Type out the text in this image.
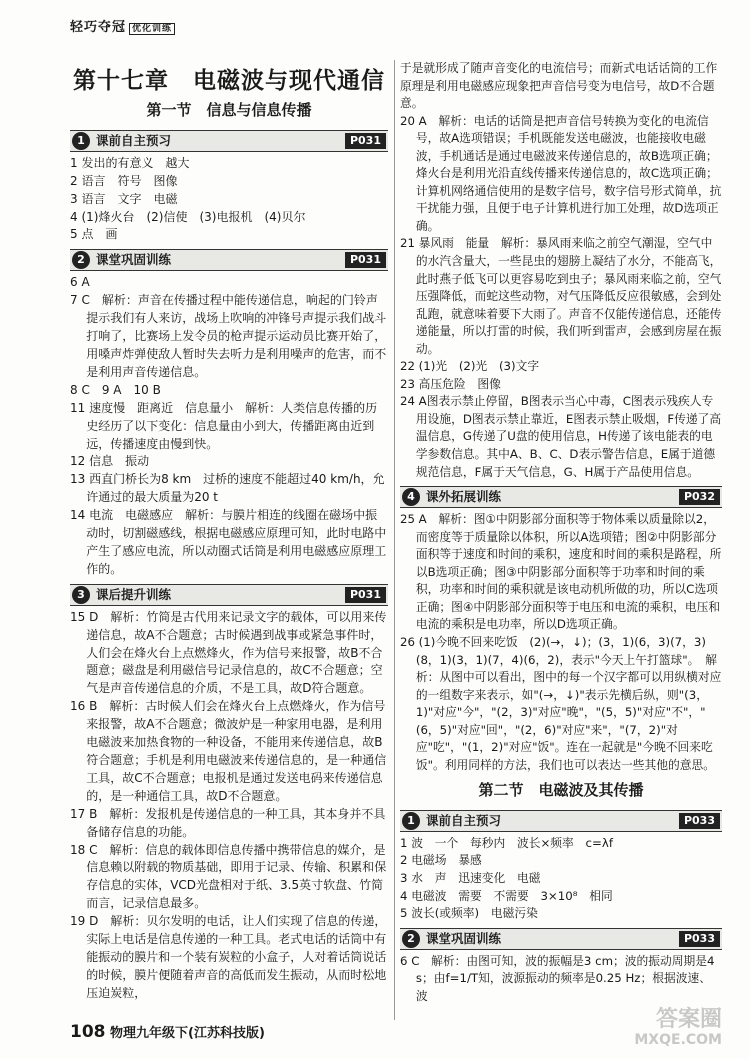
轻巧夺冠 优化训练
第十七章　电磁波与现代通信
第一节　信息与信息传播
1 课前自主预习	P031

1 发出的有意义　越大

2 语言　符号　图像

3 语言　文字　电磁

4 (1)烽火台　(2)信使　(3)电报机　(4)贝尔

5 点　画

2 课堂巩固训练	P031

6 A

7 C　解析：声音在传播过程中能传递信息，响起的门铃声提示我们有人来访，战场上吹响的冲锋号声提示我们战斗打响了，比赛场上发令员的枪声提示运动员比赛开始了，用嗓声炸弹使敌人暂时失去听力是利用噪声的危害，而不是利用声音传递信息。

8 C　9 A　10 B

11 速度慢　距离近　信息量小　解析：人类信息传播的历史经历了以下变化：信息量由小到大，传播距离由近到远，传播速度由慢到快。

12 信息　振动

13 西直门桥长为8 km　过桥的速度不能超过40 km/h，允许通过的最大质量为20 t

14 电流　电磁感应　解析：与膜片相连的线圈在磁场中振动时，切割磁感线，根据电磁感应原理可知，此时电路中产生了感应电流，所以动圈式话筒是利用电磁感应原理工作的。

3 课后提升训练	P031

15 D　解析：竹简是古代用来记录文字的载体，可以用来传递信息，故A不合题意；古时候遇到战事或紧急事件时，人们会在烽火台上点燃烽火，作为信号来报警，故B不合题意；磁盘是利用磁信号记录信息的，故C不合题意；空气是声音传递信息的介质，不是工具，故D符合题意。

16 B　解析：古时候人们会在烽火台上点燃烽火，作为信号来报警，故A不合题意；微波炉是一种家用电器，是利用电磁波来加热食物的一种设备，不能用来传递信息，故B符合题意；手机是利用电磁波来传递信息的，是一种通信工具，故C不合题意；电报机是通过发送电码来传递信息的，是一种通信工具，故D不合题意。

17 B　解析：发报机是传递信息的一种工具，其本身并不具备储存信息的功能。

18 C　解析：信息的载体即信息传播中携带信息的媒介，是信息赖以附载的物质基础，即用于记录、传输、积累和保存信息的实体，VCD光盘相对于纸、3.5英寸软盘、竹简而言，记录信息最多。

19 D　解析：贝尔发明的电话，让人们实现了信息的传递，实际上电话是信息传递的一种工具。老式电话的话筒中有能振动的膜片和一个装有炭粒的小盒子，人对着话筒说话的时候，膜片便随着声音的高低而发生振动，从而时松地压迫炭粒，

于是就形成了随声音变化的电流信号；而新式电话话筒的工作原理是利用电磁感应现象把声音信号变为电信号，故D不合题意。

20 A　解析：电话的话筒是把声音信号转换为变化的电流信号，故A选项错误；手机既能发送电磁波，也能接收电磁波，手机通话是通过电磁波来传递信息的，故B选项正确；烽火台是利用光沿直线传播来传递信息的，故C选项正确；计算机网络通信使用的是数字信号，数字信号形式简单，抗干扰能力强，且便于电子计算机进行加工处理，故D选项正确。

21 暴风雨　能量　解析：暴风雨来临之前空气潮湿，空气中的水汽含量大，一些昆虫的翅膀上凝结了水分，不能高飞，此时燕子低飞可以更容易吃到虫子；暴风雨来临之前，空气压强降低，而蛇这些动物，对气压降低反应很敏感，会到处乱跑，就意味着要下大雨了。声音不仅能传递信息，还能传递能量，所以打雷的时候，我们听到雷声，会感到房屋在振动。

22 (1)光　(2)光　(3)文字

23 高压危险　图像

24 A图表示禁止停留，B图表示当心中毒，C图表示残疾人专用设施，D图表示禁止靠近，E图表示禁止吸烟，F传递了高温信息，G传递了U盘的使用信息，H传递了该电能表的电学参数信息。其中A、B、C、D表示警告信息，E属于道德规范信息，F属于天气信息，G、H属于产品使用信息。

4 课外拓展训练	P032

25 A　解析：图①中阴影部分面积等于物体乘以质量除以2，而密度等于质量除以体积，所以A选项错；图②中阴影部分面积等于速度和时间的乘积，速度和时间的乘积是路程，所以B选项正确；图③中阴影部分面积等于功率和时间的乘积，功率和时间的乘积就是该电动机所做的功，所以C选项正确；图④中阴影部分面积等于电压和电流的乘积，电压和电流的乘积是电功率，所以D选项正确。

26 (1)今晚不回来吃饭　(2)(→，↓)；(3，1)(6，3)(7，3)(8，1)(3，1)(7，4)(6，2)，表示"今天上午打篮球"。　解析：从图中可以看出，图中的每一个汉字都可以用纵横对应的一组数字来表示，如"(→，↓)"表示先横后纵，则"(3，1)"对应"今"，"(2，3)"对应"晚"，"(5，5)"对应"不"，"(6，5)"对应"回"，"(2，6)"对应"来"，"(7，2)"对应"吃"，"(1，2)"对应"饭"。连在一起就是"今晚不回来吃饭"。利用同样的方法，我们也可以表达一些其他的意思。

第二节　电磁波及其传播
1 课前自主预习	P033

1 波　一个　每秒内　波长×频率　c=λf

2 电磁场　暴感

3 水　声　迅速变化　电磁

4 电磁波　需要　不需要　3×10⁸　相同

5 波长(或频率)　电磁污染

2 课堂巩固训练	P033

6 C　解析：由图可知，波的振幅是3 cm；波的振动周期是4 s；由f=1/T知，波源振动的频率是0.25 Hz；根据波速、波

108 物理九年级下(江苏科技版)
答案圈
MXQE.COM
